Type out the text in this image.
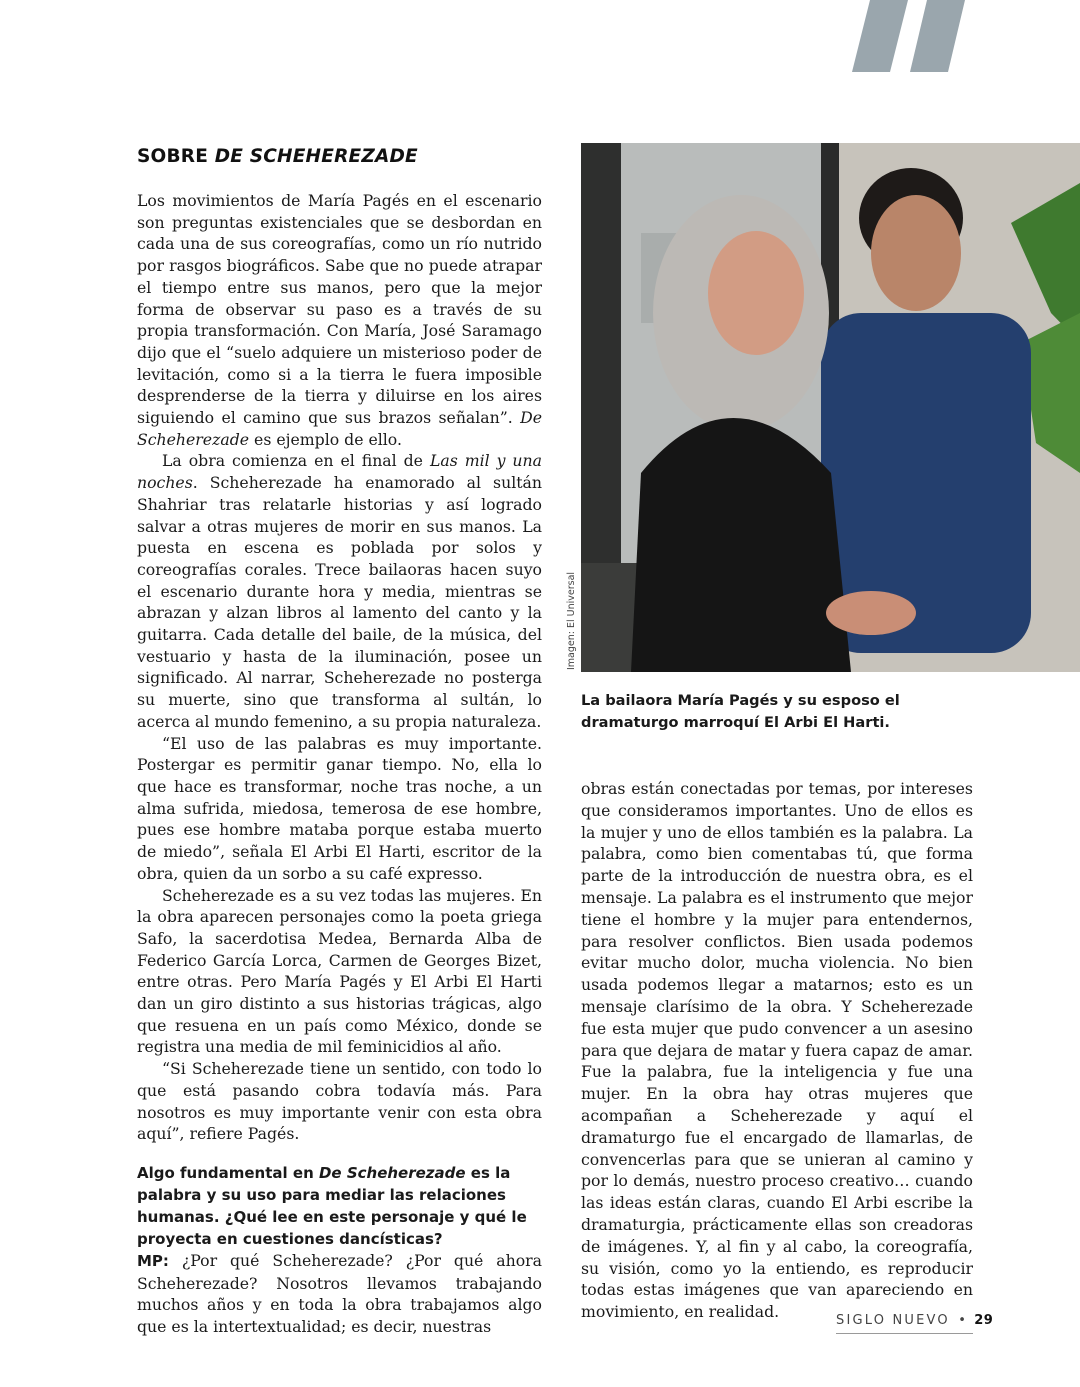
SOBRE DE SCHEHEREZADE

Los movimientos de María Pagés en el escenario son preguntas existenciales que se desbordan en cada una de sus coreografías, como un río nutrido por rasgos biográficos. Sabe que no puede atrapar el tiempo entre sus manos, pero que la mejor forma de observar su paso es a través de su propia transformación. Con María, José Saramago dijo que el “suelo adquiere un misterioso poder de levitación, como si a la tierra le fuera imposible desprenderse de la tierra y diluirse en los aires siguiendo el camino que sus brazos señalan”. De Scheherezade es ejemplo de ello.

La obra comienza en el final de Las mil y una noches. Scheherezade ha enamorado al sultán Shahriar tras relatarle historias y así logrado salvar a otras mujeres de morir en sus manos. La puesta en escena es poblada por solos y coreografías corales. Trece bailaoras hacen suyo el escenario durante hora y media, mientras se abrazan y alzan libros al lamento del canto y la guitarra. Cada detalle del baile, de la música, del vestuario y hasta de la iluminación, posee un significado. Al narrar, Scheherezade no posterga su muerte, sino que transforma al sultán, lo acerca al mundo femenino, a su propia naturaleza.

“El uso de las palabras es muy importante. Postergar es permitir ganar tiempo. No, ella lo que hace es transformar, noche tras noche, a un alma sufrida, miedosa, temerosa de ese hombre, pues ese hombre mataba porque estaba muerto de miedo”, señala El Arbi El Harti, escritor de la obra, quien da un sorbo a su café expresso.

Scheherezade es a su vez todas las mujeres. En la obra aparecen personajes como la poeta griega Safo, la sacerdotisa Medea, Bernarda Alba de Federico García Lorca, Carmen de Georges Bizet, entre otras. Pero María Pagés y El Arbi El Harti dan un giro distinto a sus historias trágicas, algo que resuena en un país como México, donde se registra una media de mil feminicidios al año.

“Si Scheherezade tiene un sentido, con todo lo que está pasando cobra todavía más. Para nosotros es muy importante venir con esta obra aquí”, refiere Pagés.

Algo fundamental en De Scheherezade es la palabra y su uso para mediar las relaciones humanas. ¿Qué lee en este personaje y qué le proyecta en cuestiones dancísticas?

MP: ¿Por qué Scheherezade? ¿Por qué ahora Scheherezade? Nosotros llevamos trabajando muchos años y en toda la obra trabajamos algo que es la intertextualidad; es decir, nuestras

Imagen: El Universal

La bailaora María Pagés y su esposo el dramaturgo marroquí El Arbi El Harti.

obras están conectadas por temas, por intereses que consideramos importantes. Uno de ellos es la mujer y uno de ellos también es la palabra. La palabra, como bien comentabas tú, que forma parte de la introducción de nuestra obra, es el mensaje. La palabra es el instrumento que mejor tiene el hombre y la mujer para entendernos, para resolver conflictos. Bien usada podemos evitar mucho dolor, mucha violencia. No bien usada podemos llegar a matarnos; esto es un mensaje clarísimo de la obra. Y Scheherezade fue esta mujer que pudo convencer a un asesino para que dejara de matar y fuera capaz de amar. Fue la palabra, fue la inteligencia y fue una mujer. En la obra hay otras mujeres que acompañan a Scheherezade y aquí el dramaturgo fue el encargado de llamarlas, de convencerlas para que se unieran al camino y por lo demás, nuestro proceso creativo… cuando las ideas están claras, cuando El Arbi escribe la dramaturgia, prácticamente ellas son creadoras de imágenes. Y, al fin y al cabo, la coreografía, su visión, como yo la entiendo, es reproducir todas estas imágenes que van apareciendo en movimiento, en realidad.	SIGLO NUEVO • 29
